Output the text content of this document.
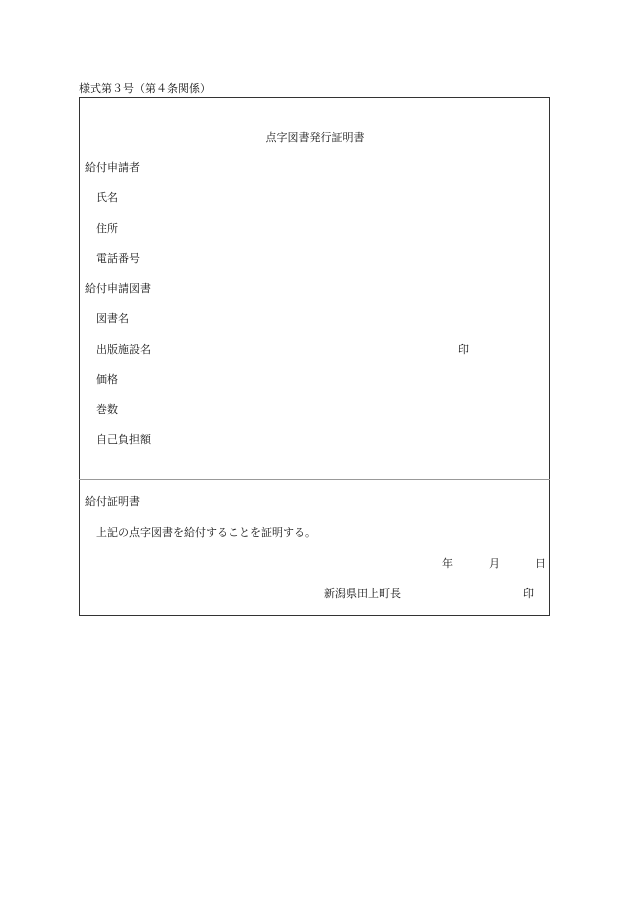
様式第３号（第４条関係）
点字図書発行証明書
給付申請者
氏名
住所
電話番号
給付申請図書
図書名
出版施設名	印
価格
巻数
自己負担額
給付証明書
上記の点字図書を給付することを証明する。
年	月	日
新潟県田上町長	印
